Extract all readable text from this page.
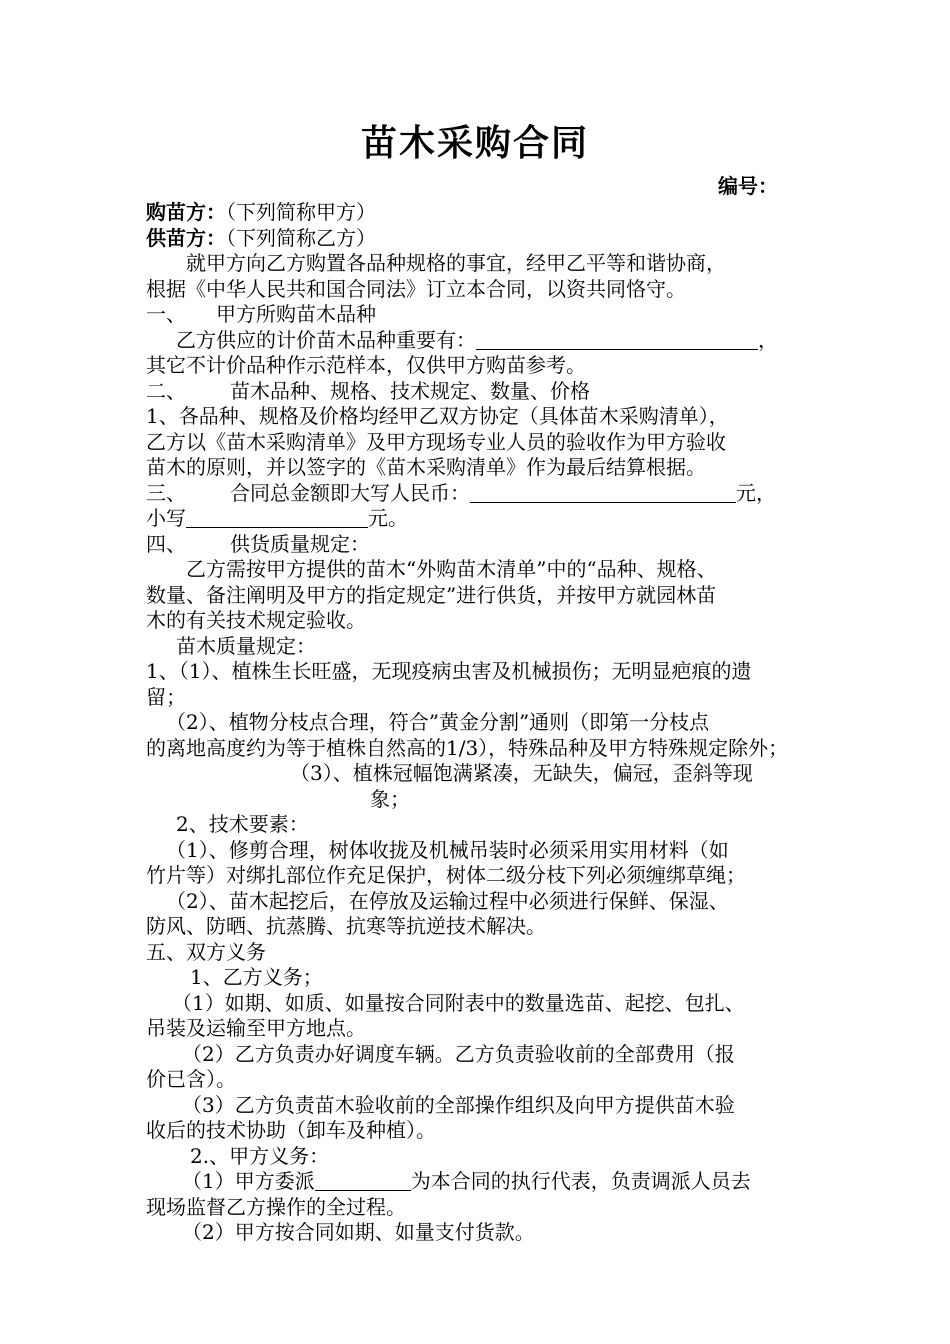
苗木采购合同
编号：
购苗方：（下列简称甲方）
供苗方：（下列简称乙方）
就甲方向乙方购置各品种规格的事宜，经甲乙平等和谐协商，
根据《中华人民共和国合同法》订立本合同，以资共同恪守。
一、 甲方所购苗木品种
乙方供应的计价苗木品种重要有：	，
其它不计价品种作示范样本，仅供甲方购苗参考。
二、 苗木品种、规格、技术规定、数量、价格
1、各品种、规格及价格均经甲乙双方协定（具体苗木采购清单），
乙方以《苗木采购清单》及甲方现场专业人员的验收作为甲方验收
苗木的原则，并以签字的《苗木采购清单》作为最后结算根据。
三、 合同总金额即大写人民币：	元，
小写	元。
四、 供货质量规定：
乙方需按甲方提供的苗木“外购苗木清单”中的“品种、规格、
数量、备注阐明及甲方的指定规定”进行供货，并按甲方就园林苗
木的有关技术规定验收。
苗木质量规定：
1、（1）、植株生长旺盛，无现疫病虫害及机械损伤；无明显疤痕的遗
留；
（2）、植物分枝点合理，符合”黄金分割”通则（即第一分枝点
的离地高度约为等于植株自然高的1/3），特殊品种及甲方特殊规定除外；
（3）、植株冠幅饱满紧凑，无缺失，偏冠，歪斜等现
象；
2、技术要素：
（1）、修剪合理，树体收拢及机械吊装时必须采用实用材料（如
竹片等）对绑扎部位作充足保护，树体二级分枝下列必须缠绑草绳；
（2）、苗木起挖后，在停放及运输过程中必须进行保鲜、保湿、
防风、防晒、抗蒸腾、抗寒等抗逆技术解决。
五、双方义务
1、乙方义务；
（1）如期、如质、如量按合同附表中的数量选苗、起挖、包扎、
吊装及运输至甲方地点。
（2）乙方负责办好调度车辆。乙方负责验收前的全部费用（报
价已含）。
（3）乙方负责苗木验收前的全部操作组织及向甲方提供苗木验
收后的技术协助（卸车及种植）。
2.、甲方义务：
（1）甲方委派	为本合同的执行代表，负责调派人员去
现场监督乙方操作的全过程。
（2）甲方按合同如期、如量支付货款。
